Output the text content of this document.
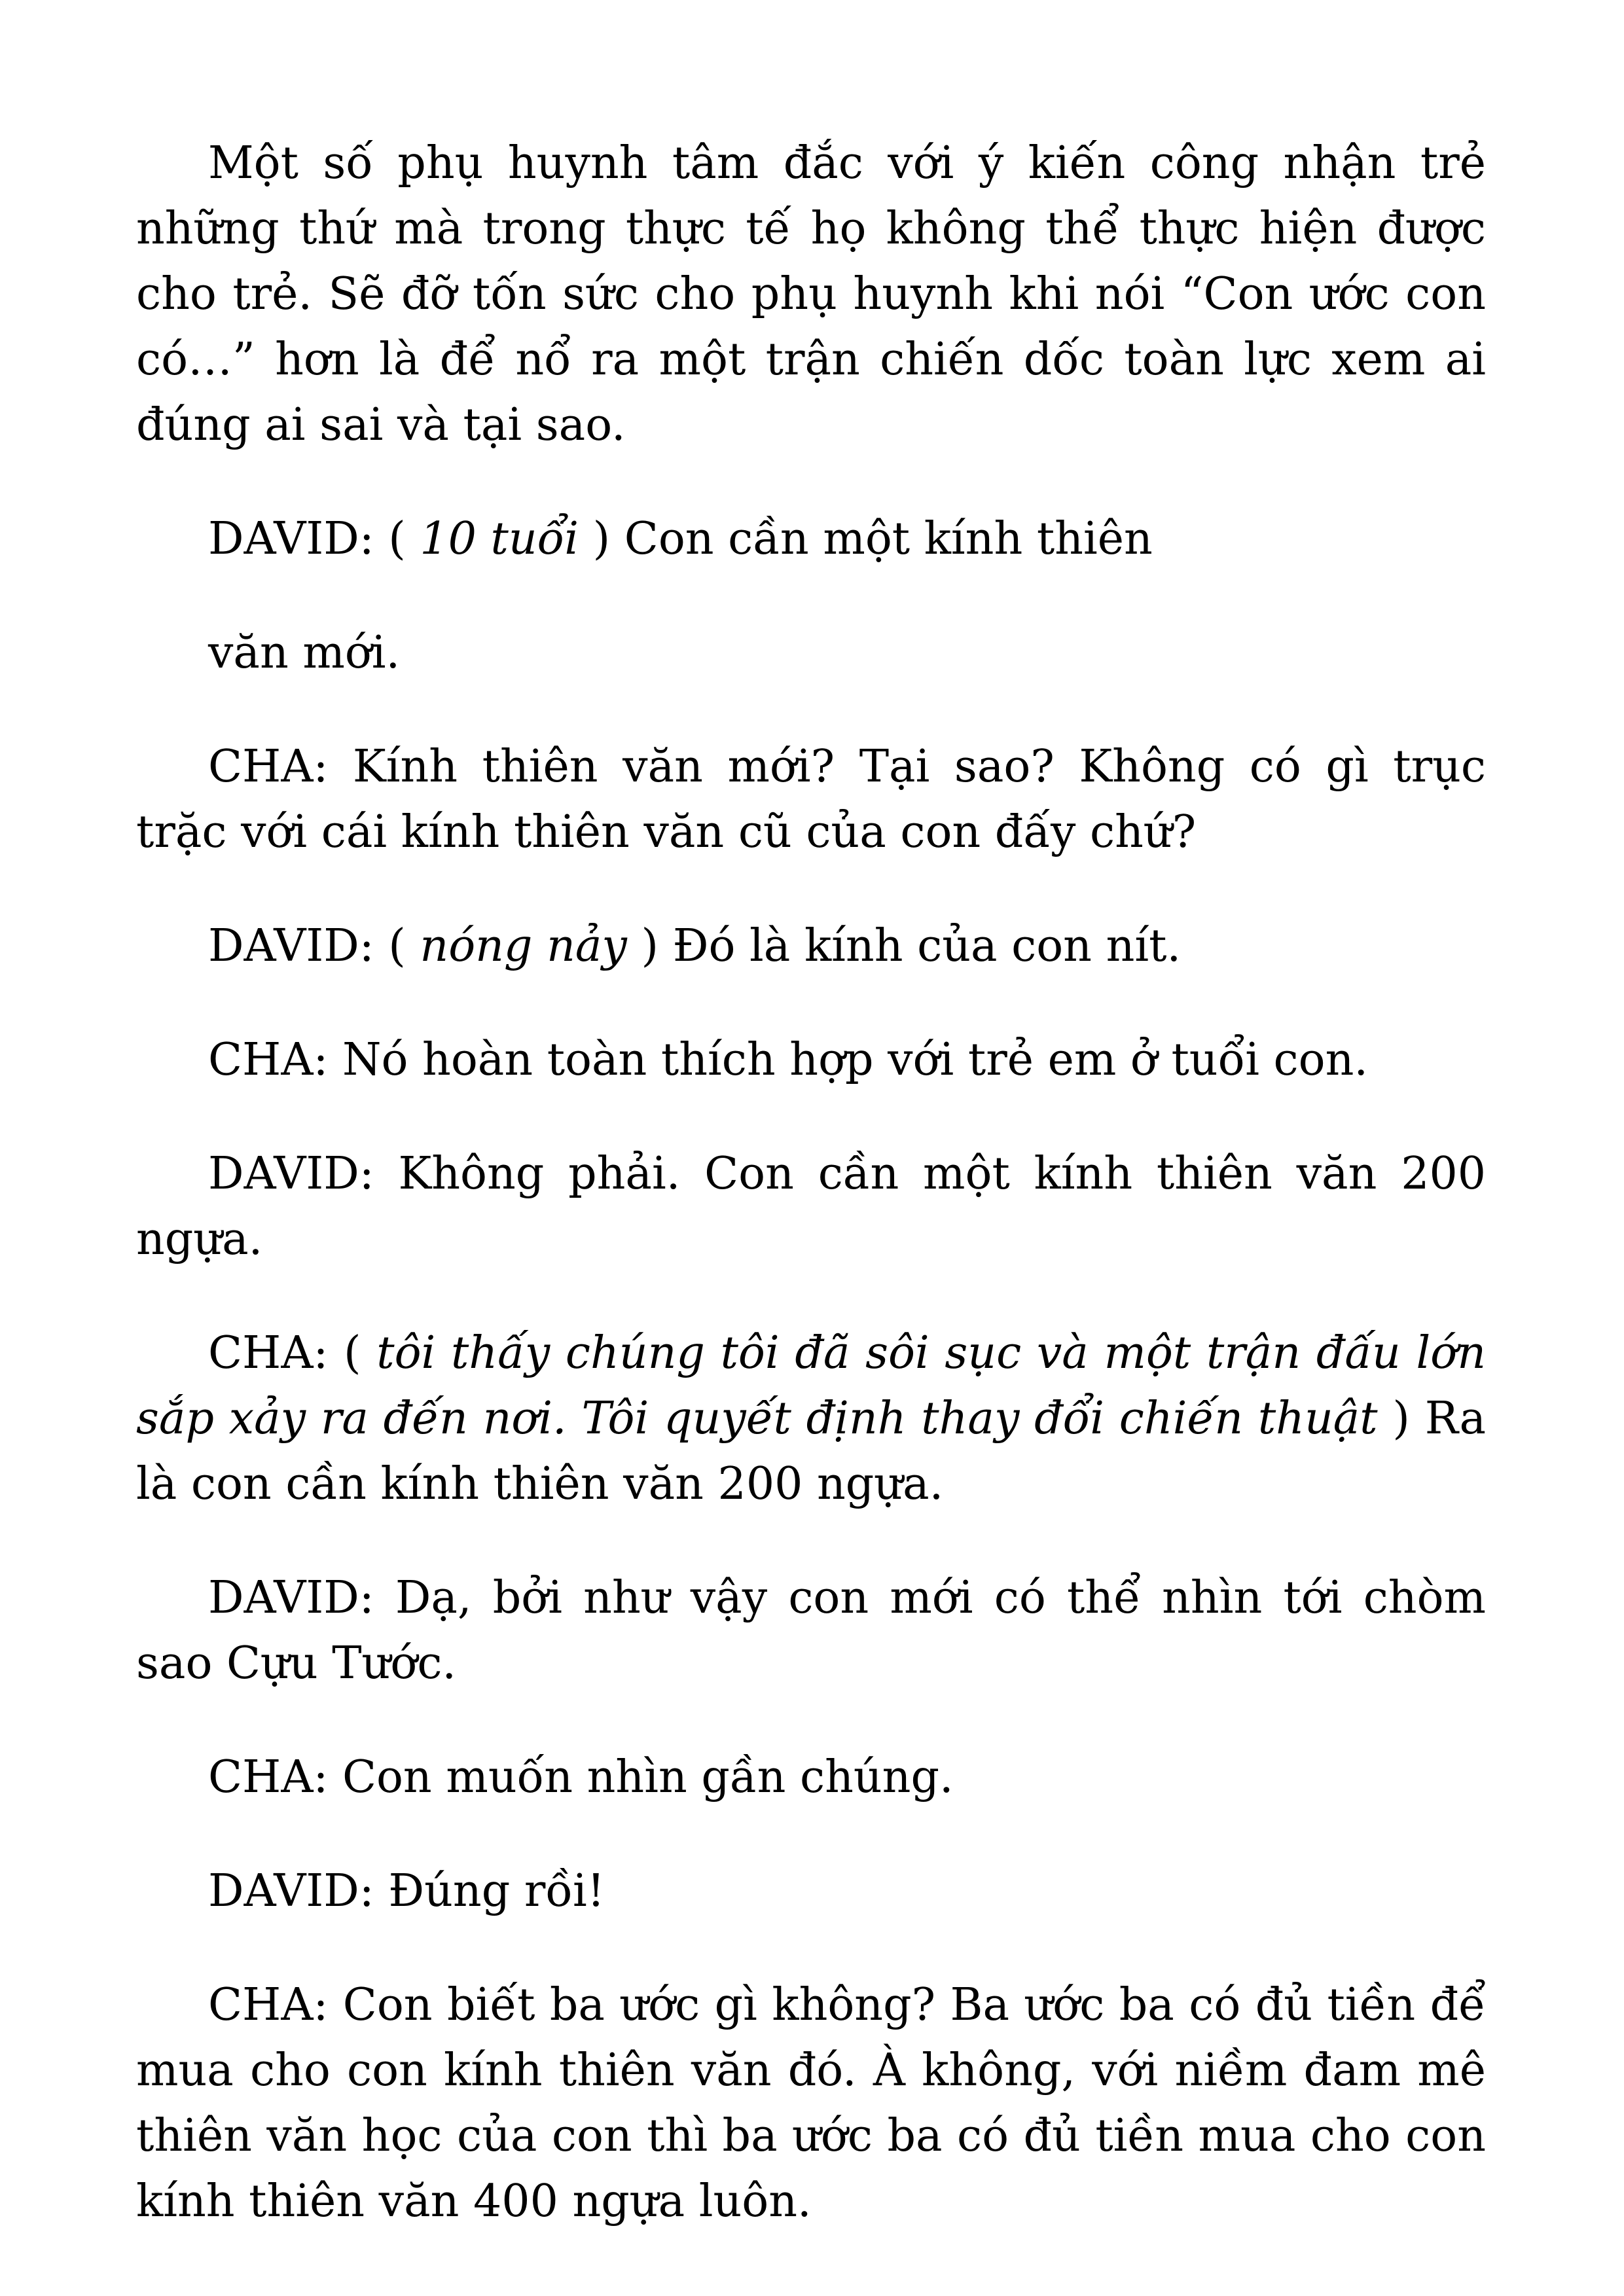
Một số phụ huynh tâm đắc với ý kiến công nhận trẻ những thứ mà trong thực tế họ không thể thực hiện được cho trẻ. Sẽ đỡ tốn sức cho phụ huynh khi nói “Con ước con có…” hơn là để nổ ra một trận chiến dốc toàn lực xem ai đúng ai sai và tại sao.

DAVID: ( 10 tuổi ) Con cần một kính thiên

văn mới.

CHA: Kính thiên văn mới? Tại sao? Không có gì trục trặc với cái kính thiên văn cũ của con đấy chứ?

DAVID: ( nóng nảy ) Đó là kính của con nít.

CHA: Nó hoàn toàn thích hợp với trẻ em ở tuổi con.

DAVID: Không phải. Con cần một kính thiên văn 200 ngựa.

CHA: ( tôi thấy chúng tôi đã sôi sục và một trận đấu lớn sắp xảy ra đến nơi. Tôi quyết định thay đổi chiến thuật ) Ra là con cần kính thiên văn 200 ngựa.

DAVID: Dạ, bởi như vậy con mới có thể nhìn tới chòm sao Cựu Tước.

CHA: Con muốn nhìn gần chúng.

DAVID: Đúng rồi!

CHA: Con biết ba ước gì không? Ba ước ba có đủ tiền để mua cho con kính thiên văn đó. À không, với niềm đam mê thiên văn học của con thì ba ước ba có đủ tiền mua cho con kính thiên văn 400 ngựa luôn.
